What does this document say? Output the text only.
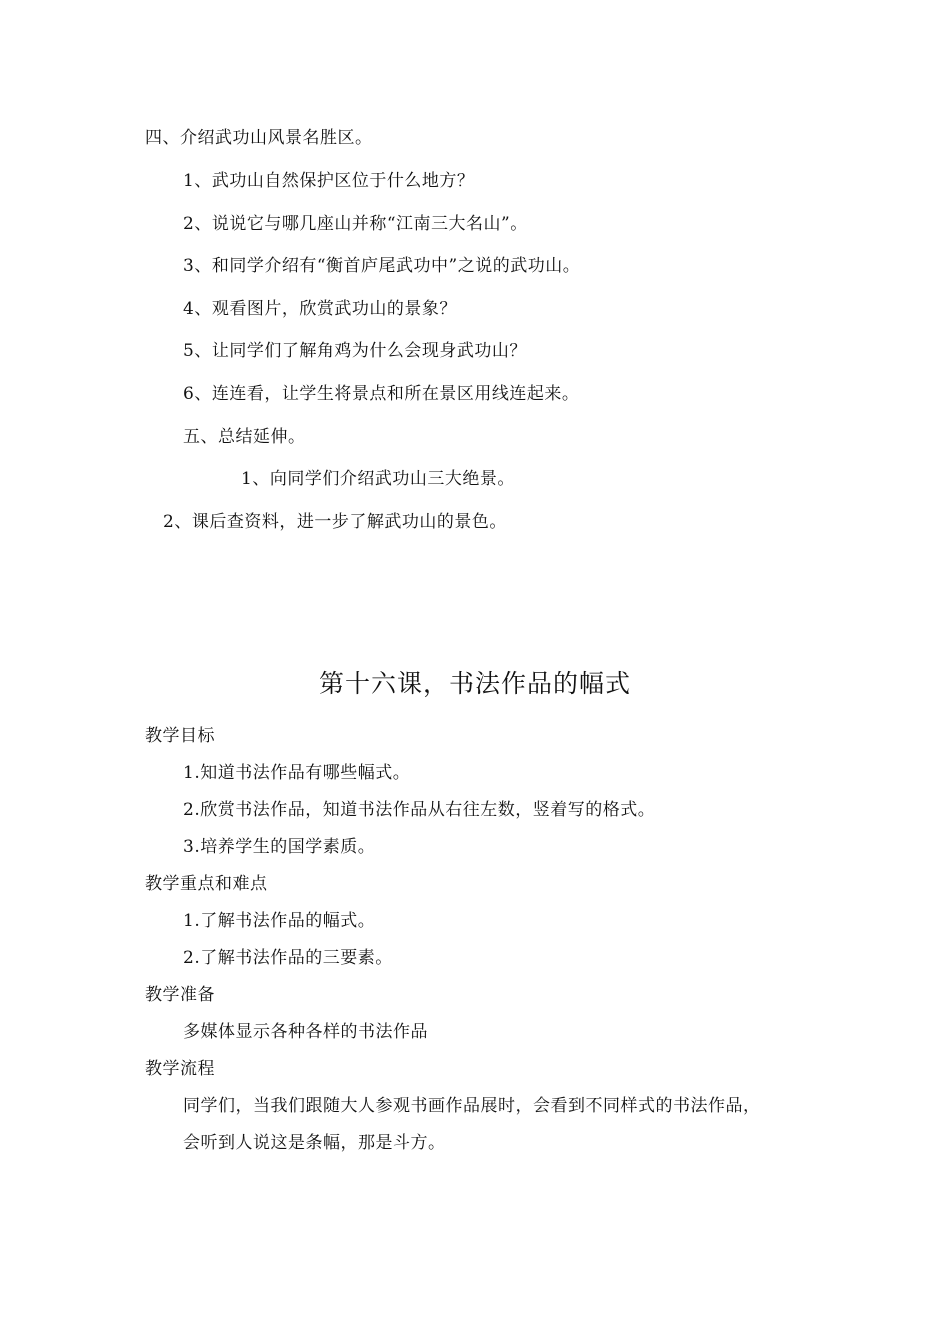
四、介绍武功山风景名胜区。
1、武功山自然保护区位于什么地方？
2、说说它与哪几座山并称“江南三大名山”。
3、和同学介绍有“衡首庐尾武功中”之说的武功山。
4、观看图片，欣赏武功山的景象？
5、让同学们了解角鸡为什么会现身武功山？
6、连连看，让学生将景点和所在景区用线连起来。
五、总结延伸。
1、向同学们介绍武功山三大绝景。
2、课后查资料，进一步了解武功山的景色。
第十六课，书法作品的幅式
教学目标
1.知道书法作品有哪些幅式。
2.欣赏书法作品，知道书法作品从右往左数，竖着写的格式。
3.培养学生的国学素质。
教学重点和难点
1.了解书法作品的幅式。
2.了解书法作品的三要素。
教学准备
多媒体显示各种各样的书法作品
教学流程
同学们，当我们跟随大人参观书画作品展时，会看到不同样式的书法作品，
会听到人说这是条幅，那是斗方。
